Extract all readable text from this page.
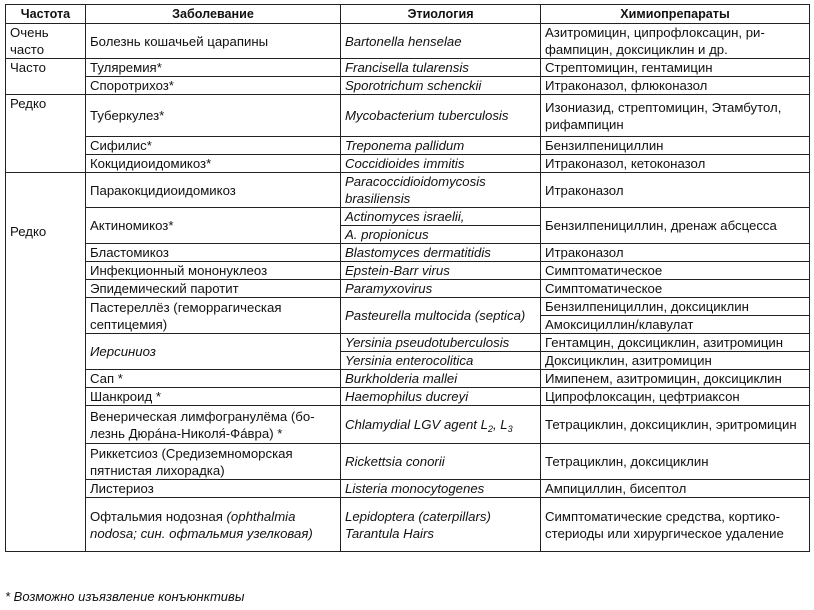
Частота	Заболевание	Этиология	Химиопрепараты
Очень часто	Болезнь кошачьей царапины	Bartonella henselae	Азитромицин, ципрофлоксацин, рифампицин, доксициклин и др.
Часто	Туляремия*	Francisella tularensis	Стрептомицин, гентамицин
	Споротрихоз*	Sporotrichum schenckii	Итраконазол, флюконазол
Редко	Туберкулез*	Mycobacterium tuberculosis	Изониазид, стрептомицин, Этамбутол, рифампицин
	Сифилис*	Treponema pallidum	Бензилпенициллин
	Кокцидиоидомикоз*	Coccidioides immitis	Итраконазол, кетоконазол

Редко	Паракокцидиоидомикоз	Paracoccidioidomycosis brasiliensis	Итраконазол
	Актиномикоз*	Actinomyces israelii,	Бензилпенициллин, дренаж абсцесса
		A. propionicus	
	Бластомикоз	Blastomyces dermatitidis	Итраконазол
	Инфекционный мононуклеоз	Epstein-Barr virus	Симптоматическое
	Эпидемический паротит	Paramyxovirus	Симптоматическое
	Пастереллёз (геморрагическая септицемия)	Pasteurella multocida (septica)	Бензилпенициллин, доксициклин
			Амоксициллин/клавулат
	Иерсиниоз	Yersinia pseudotuberculosis	Гентамцин, доксициклин, азитромицин
		Yersinia enterocolitica	Доксициклин, азитромицин
	Сап *	Burkholderia mallei	Имипенем, азитромицин, доксициклин
	Шанкроид *	Haemophilus ducreyi	Ципрофлоксацин, цефтриаксон
	Венерическая лимфогранулёма (болезнь Дюрáна-Николя́-Фáвра) *	Chlamydial LGV agent $L_2$, $L_3$	Тетрациклин, доксициклин, эритромицин
	Риккетсиоз (Средиземноморская пятнистая лихорадка)	Rickettsia conorii	Тетрациклин, доксициклин
	Листериоз	Listeria monocytogenes	Ампициллин, бисептол
	Офтальмия нодозная (ophthalmia nodosa; син. офтальмия узелковая)	Lepidoptera (caterpillars) Tarantula Hairs	Симптоматические средства, кортикостериоды или хирургическое удаление
* Возможно изъязвление конъюнктивы
